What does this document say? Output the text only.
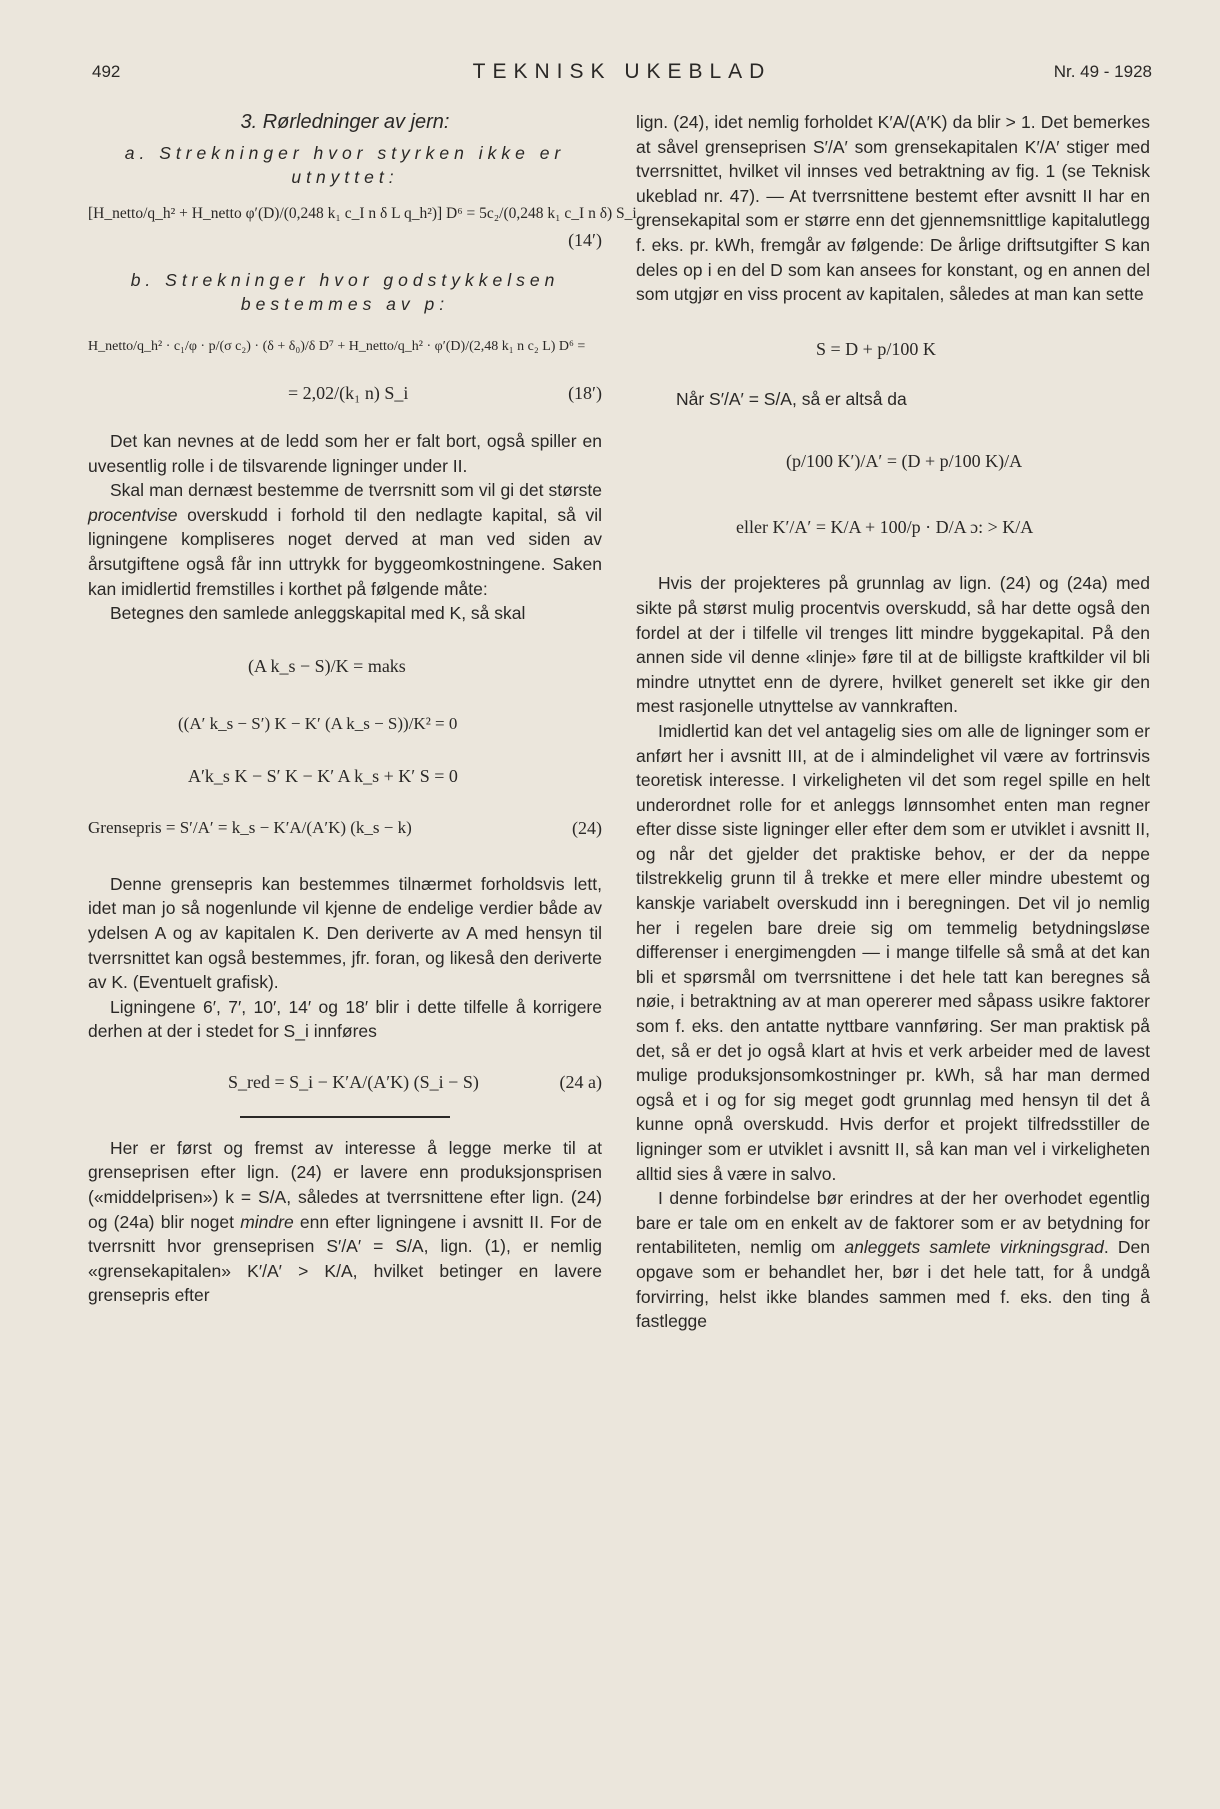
492	TEKNISK UKEBLAD	Nr. 49 - 1928
3. Rørledninger av jern:

a. Strekninger hvor styrken ikke er utnyttet:

[H_netto/q_h² + H_netto φ′(D)/(0,248 k₁ c_I n δ L q_h²)] D⁶ = 5c₂/(0,248 k₁ c_I n δ) S_i
(14′)

b. Strekninger hvor godstykkelsen bestemmes av p:

H_netto/q_h² · c₁/φ · p/(σ c₂) · (δ + δ₀)/δ D⁷ + H_netto/q_h² · φ′(D)/(2,48 k₁ n c₂ L) D⁶ =
= 2,02/(k₁ n) S_i	(18′)

Det kan nevnes at de ledd som her er falt bort, også spiller en uvesentlig rolle i de tilsvarende ligninger under II.

Skal man dernæst bestemme de tverrsnitt som vil gi det største procentvise overskudd i forhold til den nedlagte kapital, så vil ligningene kompliseres noget derved at man ved siden av årsutgiftene også får inn uttrykk for byggeomkostningene. Saken kan imidlertid fremstilles i korthet på følgende måte:

Betegnes den samlede anleggskapital med K, så skal

(A k_s − S)/K = maks
((A′ k_s − S′) K − K′ (A k_s − S))/K² = 0
A′k_s K − S′ K − K′ A k_s + K′ S = 0
Grensepris = S′/A′ = k_s − K′A/(A′K) (k_s − k)	(24)

Denne grensepris kan bestemmes tilnærmet forholdsvis lett, idet man jo så nogenlunde vil kjenne de endelige verdier både av ydelsen A og av kapitalen K. Den deriverte av A med hensyn til tverrsnittet kan også bestemmes, jfr. foran, og likeså den deriverte av K. (Eventuelt grafisk).

Ligningene 6′, 7′, 10′, 14′ og 18′ blir i dette tilfelle å korrigere derhen at der i stedet for S_i innføres

S_red = S_i − K′A/(A′K) (S_i − S)	(24 a)

Her er først og fremst av interesse å legge merke til at grenseprisen efter lign. (24) er lavere enn produksjonsprisen («middelprisen») k = S/A, således at tverrsnittene efter lign. (24) og (24a) blir noget mindre enn efter ligningene i avsnitt II. For de tverrsnitt hvor grenseprisen S′/A′ = S/A, lign. (1), er nemlig «grensekapitalen» K′/A′ > K/A, hvilket betinger en lavere grensepris efter

lign. (24), idet nemlig forholdet K′A/(A′K) da blir > 1. Det bemerkes at såvel grenseprisen S′/A′ som grensekapitalen K′/A′ stiger med tverrsnittet, hvilket vil innses ved betraktning av fig. 1 (se Teknisk ukeblad nr. 47). — At tverrsnittene bestemt efter avsnitt II har en grensekapital som er større enn det gjennemsnittlige kapitalutlegg f. eks. pr. kWh, fremgår av følgende: De årlige driftsutgifter S kan deles op i en del D som kan ansees for konstant, og en annen del som utgjør en viss procent av kapitalen, således at man kan sette

S = D + p/100 K

Når S′/A′ = S/A, så er altså da

(p/100 K′)/A′ = (D + p/100 K)/A
eller K′/A′ = K/A + 100/p · D/A ɔ: > K/A

Hvis der projekteres på grunnlag av lign. (24) og (24a) med sikte på størst mulig procentvis overskudd, så har dette også den fordel at der i tilfelle vil trenges litt mindre byggekapital. På den annen side vil denne «linje» føre til at de billigste kraftkilder vil bli mindre utnyttet enn de dyrere, hvilket generelt set ikke gir den mest rasjonelle utnyttelse av vannkraften.

Imidlertid kan det vel antagelig sies om alle de ligninger som er anført her i avsnitt III, at de i almindelighet vil være av fortrinsvis teoretisk interesse. I virkeligheten vil det som regel spille en helt underordnet rolle for et anleggs lønnsomhet enten man regner efter disse siste ligninger eller efter dem som er utviklet i avsnitt II, og når det gjelder det praktiske behov, er der da neppe tilstrekkelig grunn til å trekke et mere eller mindre ubestemt og kanskje variabelt overskudd inn i beregningen. Det vil jo nemlig her i regelen bare dreie sig om temmelig betydningsløse differenser i energimengden — i mange tilfelle så små at det kan bli et spørsmål om tverrsnittene i det hele tatt kan beregnes så nøie, i betraktning av at man opererer med såpass usikre faktorer som f. eks. den antatte nyttbare vannføring. Ser man praktisk på det, så er det jo også klart at hvis et verk arbeider med de lavest mulige produksjonsomkostninger pr. kWh, så har man dermed også et i og for sig meget godt grunnlag med hensyn til det å kunne opnå overskudd. Hvis derfor et projekt tilfredsstiller de ligninger som er utviklet i avsnitt II, så kan man vel i virkeligheten alltid sies å være in salvo.

I denne forbindelse bør erindres at der her overhodet egentlig bare er tale om en enkelt av de faktorer som er av betydning for rentabiliteten, nemlig om anleggets samlete virkningsgrad. Den opgave som er behandlet her, bør i det hele tatt, for å undgå forvirring, helst ikke blandes sammen med f. eks. den ting å fastlegge
